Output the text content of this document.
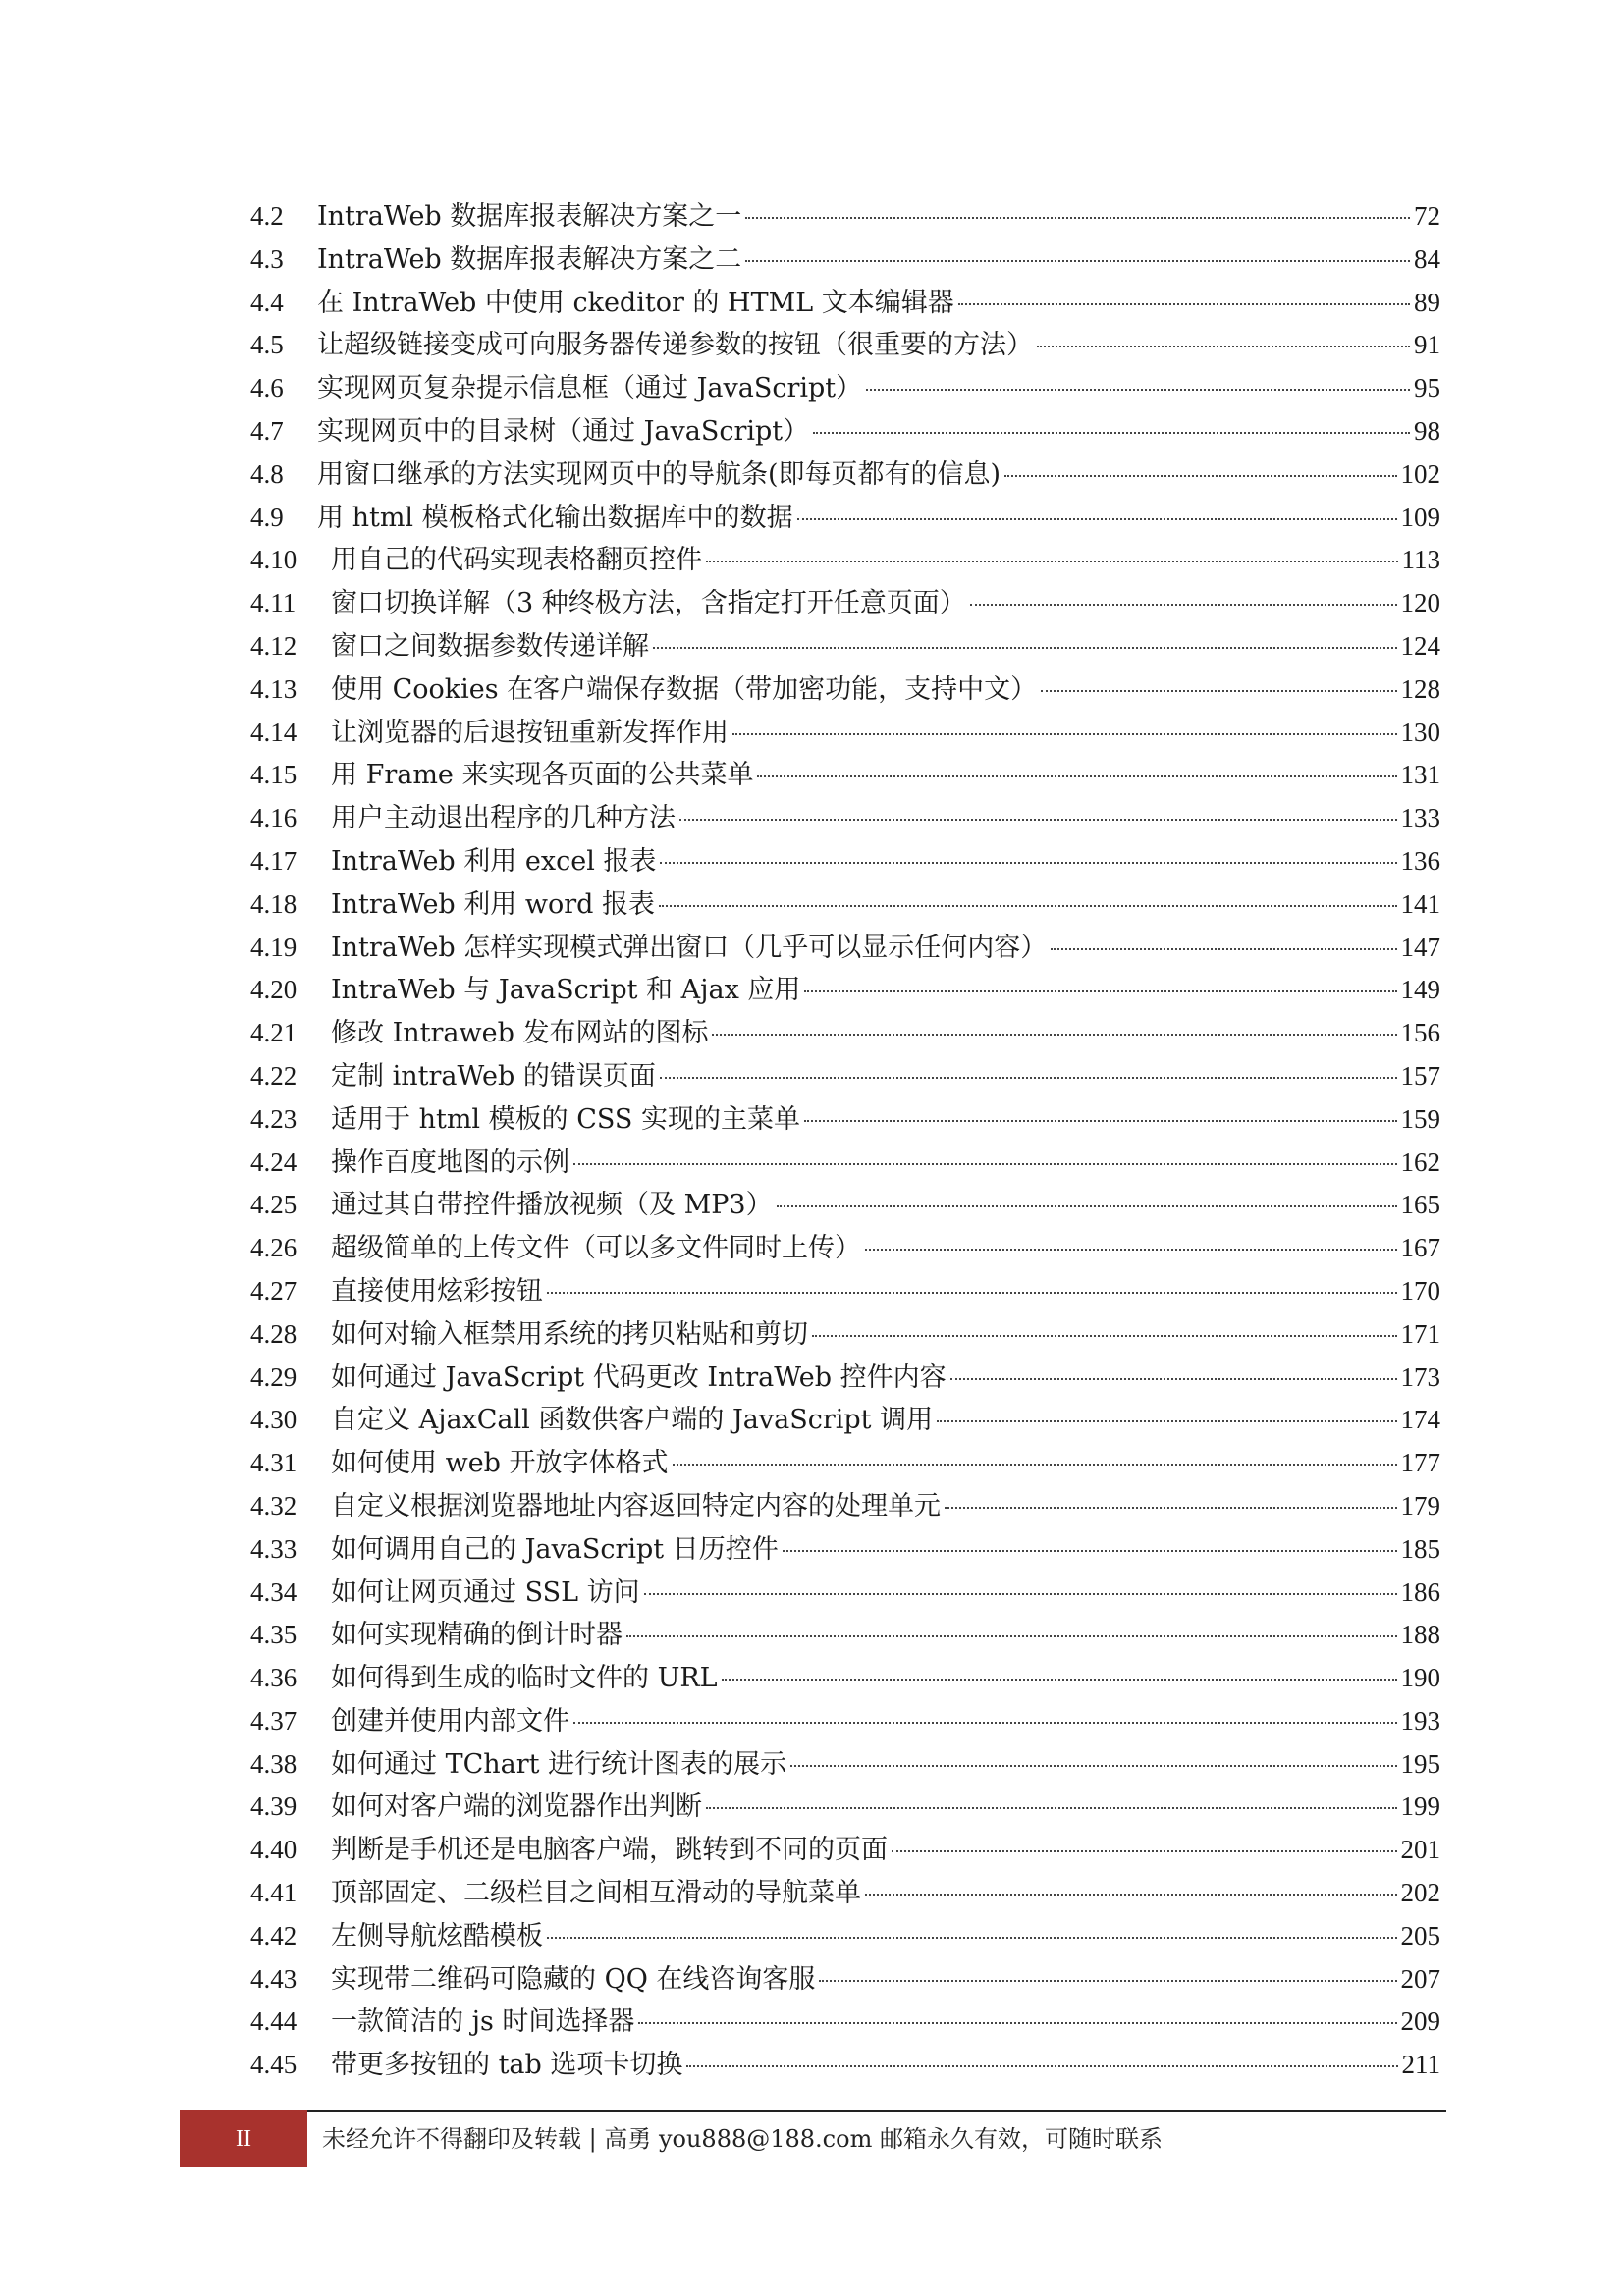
4.2	IntraWeb 数据库报表解决方案之一	72
4.3	IntraWeb 数据库报表解决方案之二	84
4.4	在 IntraWeb 中使用 ckeditor 的 HTML 文本编辑器	89
4.5	让超级链接变成可向服务器传递参数的按钮（很重要的方法）	91
4.6	实现网页复杂提示信息框（通过 JavaScript）	95
4.7	实现网页中的目录树（通过 JavaScript）	98
4.8	用窗口继承的方法实现网页中的导航条(即每页都有的信息)	102
4.9	用 html 模板格式化输出数据库中的数据	109
4.10	用自己的代码实现表格翻页控件	113
4.11	窗口切换详解（3 种终极方法，含指定打开任意页面）	120
4.12	窗口之间数据参数传递详解	124
4.13	使用 Cookies 在客户端保存数据（带加密功能，支持中文）	128
4.14	让浏览器的后退按钮重新发挥作用	130
4.15	用 Frame 来实现各页面的公共菜单	131
4.16	用户主动退出程序的几种方法	133
4.17	IntraWeb 利用 excel 报表	136
4.18	IntraWeb 利用 word 报表	141
4.19	IntraWeb 怎样实现模式弹出窗口（几乎可以显示任何内容）	147
4.20	IntraWeb 与 JavaScript 和 Ajax 应用	149
4.21	修改 Intraweb 发布网站的图标	156
4.22	定制 intraWeb 的错误页面	157
4.23	适用于 html 模板的 CSS 实现的主菜单	159
4.24	操作百度地图的示例	162
4.25	通过其自带控件播放视频（及 MP3）	165
4.26	超级简单的上传文件（可以多文件同时上传）	167
4.27	直接使用炫彩按钮	170
4.28	如何对输入框禁用系统的拷贝粘贴和剪切	171
4.29	如何通过 JavaScript 代码更改 IntraWeb 控件内容	173
4.30	自定义 AjaxCall 函数供客户端的 JavaScript 调用	174
4.31	如何使用 web 开放字体格式	177
4.32	自定义根据浏览器地址内容返回特定内容的处理单元	179
4.33	如何调用自己的 JavaScript 日历控件	185
4.34	如何让网页通过 SSL 访问	186
4.35	如何实现精确的倒计时器	188
4.36	如何得到生成的临时文件的 URL	190
4.37	创建并使用内部文件	193
4.38	如何通过 TChart 进行统计图表的展示	195
4.39	如何对客户端的浏览器作出判断	199
4.40	判断是手机还是电脑客户端，跳转到不同的页面	201
4.41	顶部固定、二级栏目之间相互滑动的导航菜单	202
4.42	左侧导航炫酷模板	205
4.43	实现带二维码可隐藏的 QQ 在线咨询客服	207
4.44	一款简洁的 js 时间选择器	209
4.45	带更多按钮的 tab 选项卡切换	211
II	未经允许不得翻印及转载 | 高勇 you888@188.com 邮箱永久有效，可随时联系
